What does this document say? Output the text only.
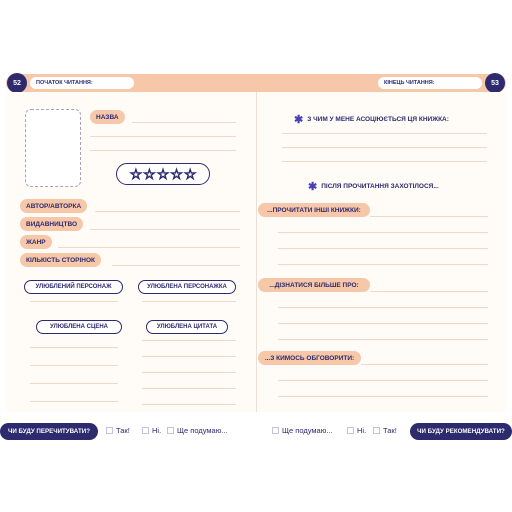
52	53
ПОЧАТОК ЧИТАННЯ:	КІНЕЦЬ ЧИТАННЯ:
НАЗВА
☆ ☆ ☆ ☆ ☆
АВТОР/АВТОРКА
ВИДАВНИЦТВО
ЖАНР
КІЛЬКІСТЬ СТОРІНОК
УЛЮБЛЕНИЙ ПЕРСОНАЖ	УЛЮБЛЕНА ПЕРСОНАЖКА
УЛЮБЛЕНА СЦЕНА	УЛЮБЛЕНА ЦИТАТА
✱ З ЧИМ У МЕНЕ АСОЦІЮЄТЬСЯ ЦЯ КНИЖКА:
✱ ПІСЛЯ ПРОЧИТАННЯ ЗАХОТІЛОСЯ...
...ПРОЧИТАТИ ІНШІ КНИЖКИ:
...ДІЗНАТИСЯ БІЛЬШЕ ПРО:
...З КИМОСЬ ОБГОВОРИТИ:
ЧИ БУДУ ПЕРЕЧИТУВАТИ?	Так!	Ні. Ще подумаю...	Ще подумаю...	Ні. Так!	ЧИ БУДУ РЕКОМЕНДУВАТИ?
